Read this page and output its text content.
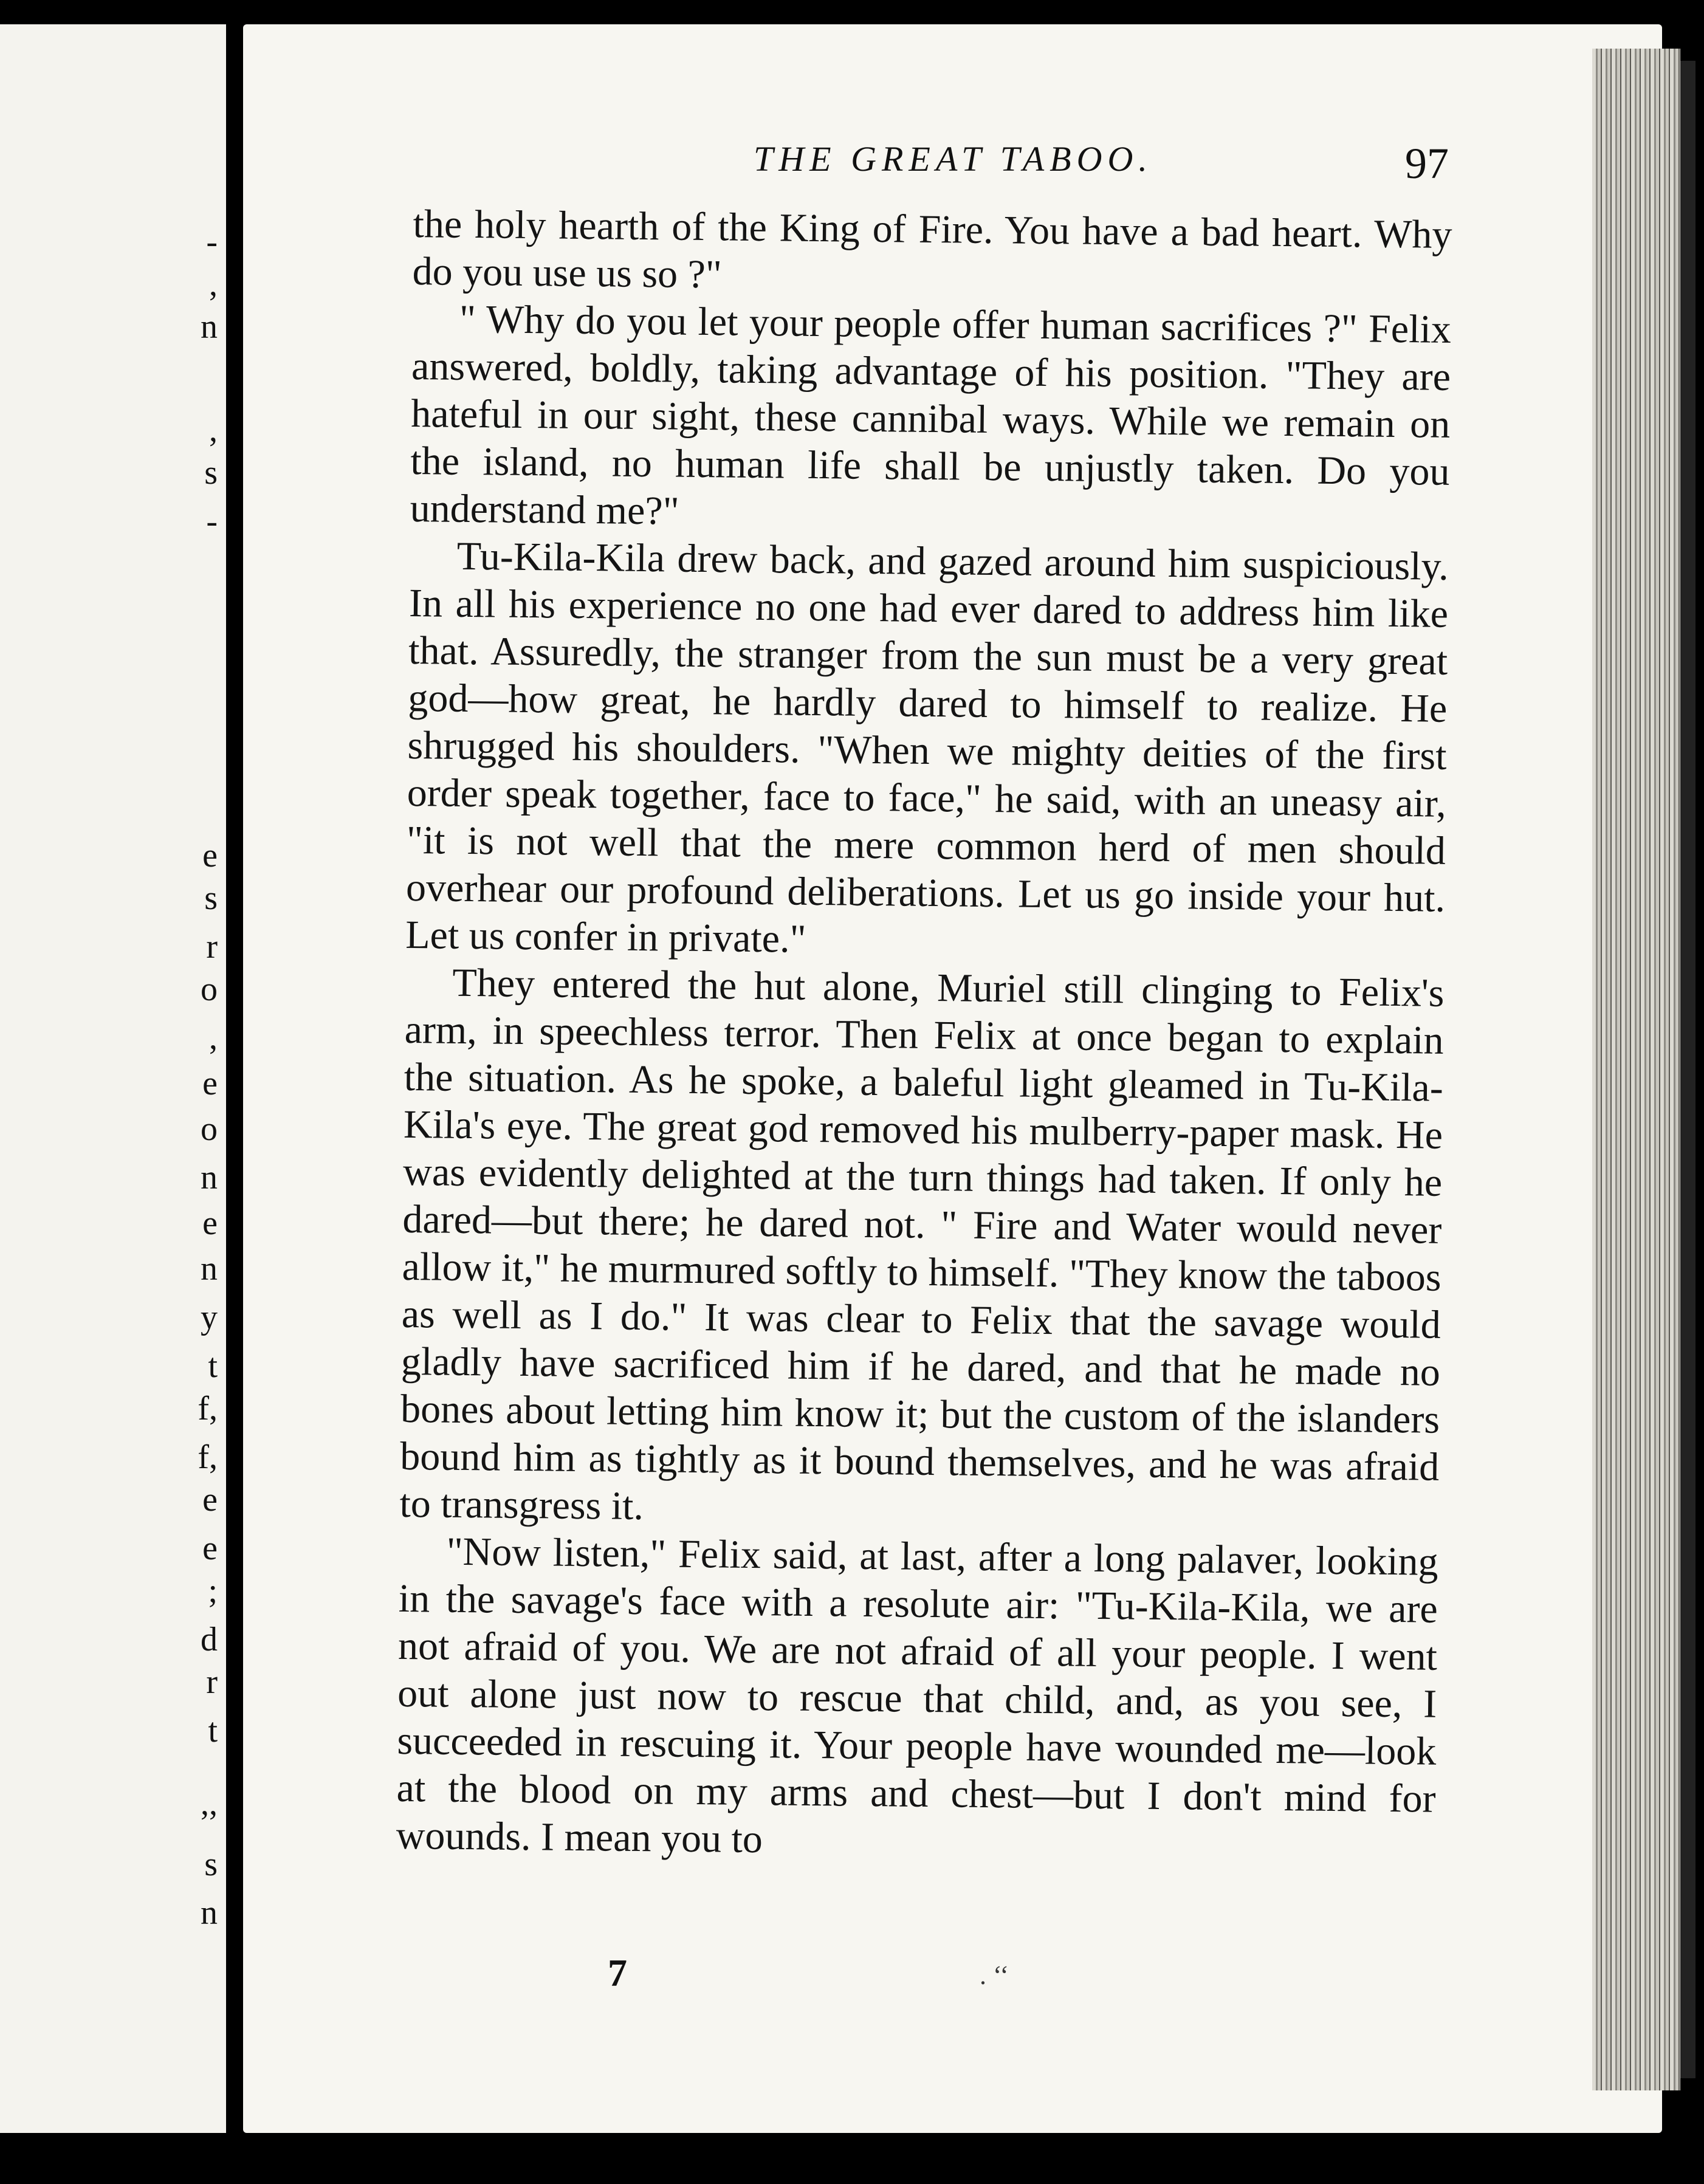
-
,
n
,
s
-
e
s
r
o
,
e
o
n
e
n
y
t
f,
f,
e
e
;
d
r
t
,,
s
n
THE GREAT TABOO.	97

the holy hearth of the King of Fire. You have a bad heart. Why do you use us so ?"

" Why do you let your people offer human sacrifices ?" Felix answered, boldly, taking advantage of his position. "They are hateful in our sight, these cannibal ways. While we remain on the island, no human life shall be unjustly taken. Do you understand me?"

Tu-Kila-Kila drew back, and gazed around him suspiciously. In all his experience no one had ever dared to address him like that. Assuredly, the stranger from the sun must be a very great god—how great, he hardly dared to himself to realize. He shrugged his shoulders. "When we mighty deities of the first order speak together, face to face," he said, with an uneasy air, "it is not well that the mere common herd of men should overhear our profound deliberations. Let us go inside your hut. Let us confer in private."

They entered the hut alone, Muriel still clinging to Felix's arm, in speechless terror. Then Felix at once began to explain the situation. As he spoke, a baleful light gleamed in Tu-Kila-Kila's eye. The great god removed his mulberry-paper mask. He was evidently delighted at the turn things had taken. If only he dared—but there; he dared not. " Fire and Water would never allow it," he murmured softly to himself. "They know the taboos as well as I do." It was clear to Felix that the savage would gladly have sacrificed him if he dared, and that he made no bones about letting him know it; but the custom of the islanders bound him as tightly as it bound themselves, and he was afraid to transgress it.

"Now listen," Felix said, at last, after a long palaver, looking in the savage's face with a resolute air: "Tu-Kila-Kila, we are not afraid of you. We are not afraid of all your people. I went out alone just now to rescue that child, and, as you see, I succeeded in rescuing it. Your people have wounded me—look at the blood on my arms and chest—but I don't mind for wounds. I mean you to

7	. ‘‘
